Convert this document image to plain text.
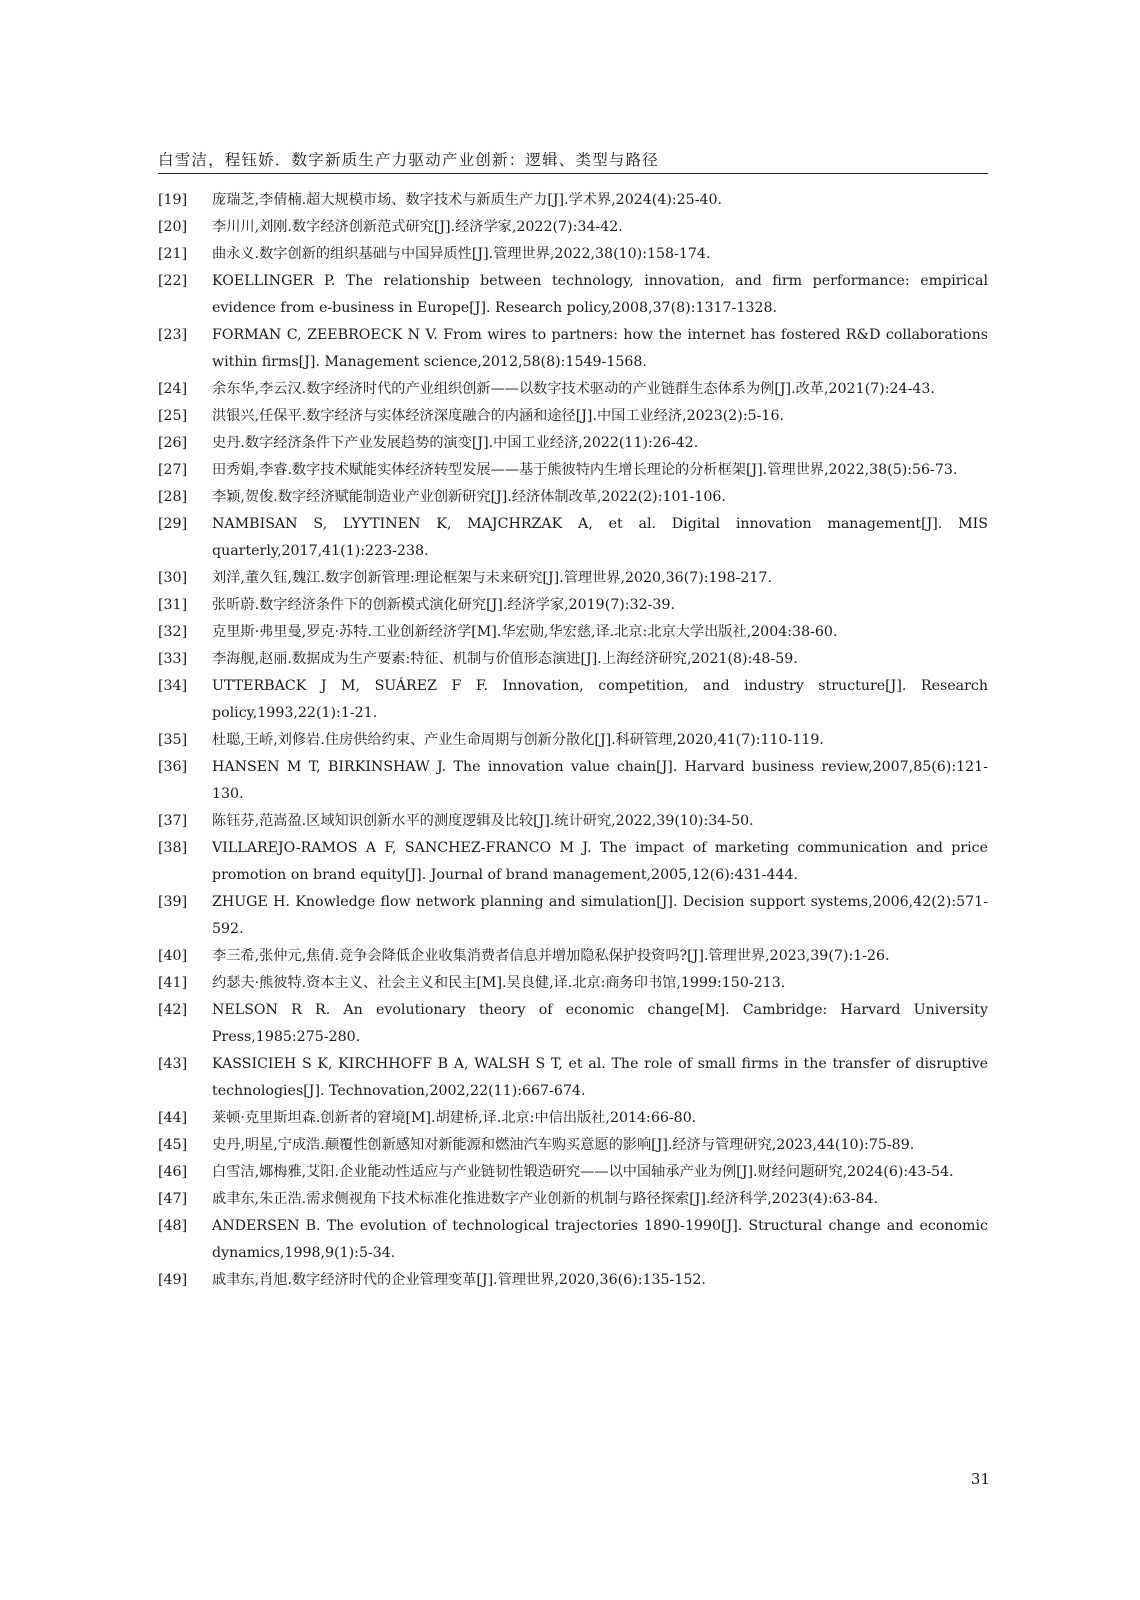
白雪洁，程钰娇．数字新质生产力驱动产业创新：逻辑、类型与路径
[19]	庞瑞芝,李倩楠.超大规模市场、数字技术与新质生产力[J].学术界,2024(4):25-40.
[20]	李川川,刘刚.数字经济创新范式研究[J].经济学家,2022(7):34-42.
[21]	曲永义.数字创新的组织基础与中国异质性[J].管理世界,2022,38(10):158-174.
[22]	KOELLINGER P. The relationship between technology, innovation, and firm performance: empirical evidence from e-business in Europe[J]. Research policy,2008,37(8):1317-1328.
[23]	FORMAN C, ZEEBROECK N V. From wires to partners: how the internet has fostered R&D collaborations within firms[J]. Management science,2012,58(8):1549-1568.
[24]	余东华,李云汉.数字经济时代的产业组织创新——以数字技术驱动的产业链群生态体系为例[J].改革,2021(7):24-43.
[25]	洪银兴,任保平.数字经济与实体经济深度融合的内涵和途径[J].中国工业经济,2023(2):5-16.
[26]	史丹.数字经济条件下产业发展趋势的演变[J].中国工业经济,2022(11):26-42.
[27]	田秀娟,李睿.数字技术赋能实体经济转型发展——基于熊彼特内生增长理论的分析框架[J].管理世界,2022,38(5):56-73.
[28]	李颖,贺俊.数字经济赋能制造业产业创新研究[J].经济体制改革,2022(2):101-106.
[29]	NAMBISAN S, LYYTINEN K, MAJCHRZAK A, et al. Digital innovation management[J]. MIS quarterly,2017,41(1):223-238.
[30]	刘洋,董久钰,魏江.数字创新管理:理论框架与未来研究[J].管理世界,2020,36(7):198-217.
[31]	张昕蔚.数字经济条件下的创新模式演化研究[J].经济学家,2019(7):32-39.
[32]	克里斯·弗里曼,罗克·苏特.工业创新经济学[M].华宏勋,华宏慈,译.北京:北京大学出版社,2004:38-60.
[33]	李海舰,赵丽.数据成为生产要素:特征、机制与价值形态演进[J].上海经济研究,2021(8):48-59.
[34]	UTTERBACK J M, SUÁREZ F F. Innovation, competition, and industry structure[J]. Research policy,1993,22(1):1-21.
[35]	杜聪,王峤,刘修岩.住房供给约束、产业生命周期与创新分散化[J].科研管理,2020,41(7):110-119.
[36]	HANSEN M T, BIRKINSHAW J. The innovation value chain[J]. Harvard business review,2007,85(6):121-130.
[37]	陈钰芬,范嵩盈.区域知识创新水平的测度逻辑及比较[J].统计研究,2022,39(10):34-50.
[38]	VILLAREJO-RAMOS A F, SANCHEZ-FRANCO M J. The impact of marketing communication and price promotion on brand equity[J]. Journal of brand management,2005,12(6):431-444.
[39]	ZHUGE H. Knowledge flow network planning and simulation[J]. Decision support systems,2006,42(2):571-592.
[40]	李三希,张仲元,焦倩.竞争会降低企业收集消费者信息并增加隐私保护投资吗?[J].管理世界,2023,39(7):1-26.
[41]	约瑟夫·熊彼特.资本主义、社会主义和民主[M].吴良健,译.北京:商务印书馆,1999:150-213.
[42]	NELSON R R. An evolutionary theory of economic change[M]. Cambridge: Harvard University Press,1985:275-280.
[43]	KASSICIEH S K, KIRCHHOFF B A, WALSH S T, et al. The role of small firms in the transfer of disruptive technologies[J]. Technovation,2002,22(11):667-674.
[44]	莱顿·克里斯坦森.创新者的窘境[M].胡建桥,译.北京:中信出版社,2014:66-80.
[45]	史丹,明星,宁成浩.颠覆性创新感知对新能源和燃油汽车购买意愿的影响[J].经济与管理研究,2023,44(10):75-89.
[46]	白雪洁,娜梅雅,艾阳.企业能动性适应与产业链韧性锻造研究——以中国轴承产业为例[J].财经问题研究,2024(6):43-54.
[47]	戚聿东,朱正浩.需求侧视角下技术标准化推进数字产业创新的机制与路径探索[J].经济科学,2023(4):63-84.
[48]	ANDERSEN B. The evolution of technological trajectories 1890-1990[J]. Structural change and economic dynamics,1998,9(1):5-34.
[49]	戚聿东,肖旭.数字经济时代的企业管理变革[J].管理世界,2020,36(6):135-152.
31
